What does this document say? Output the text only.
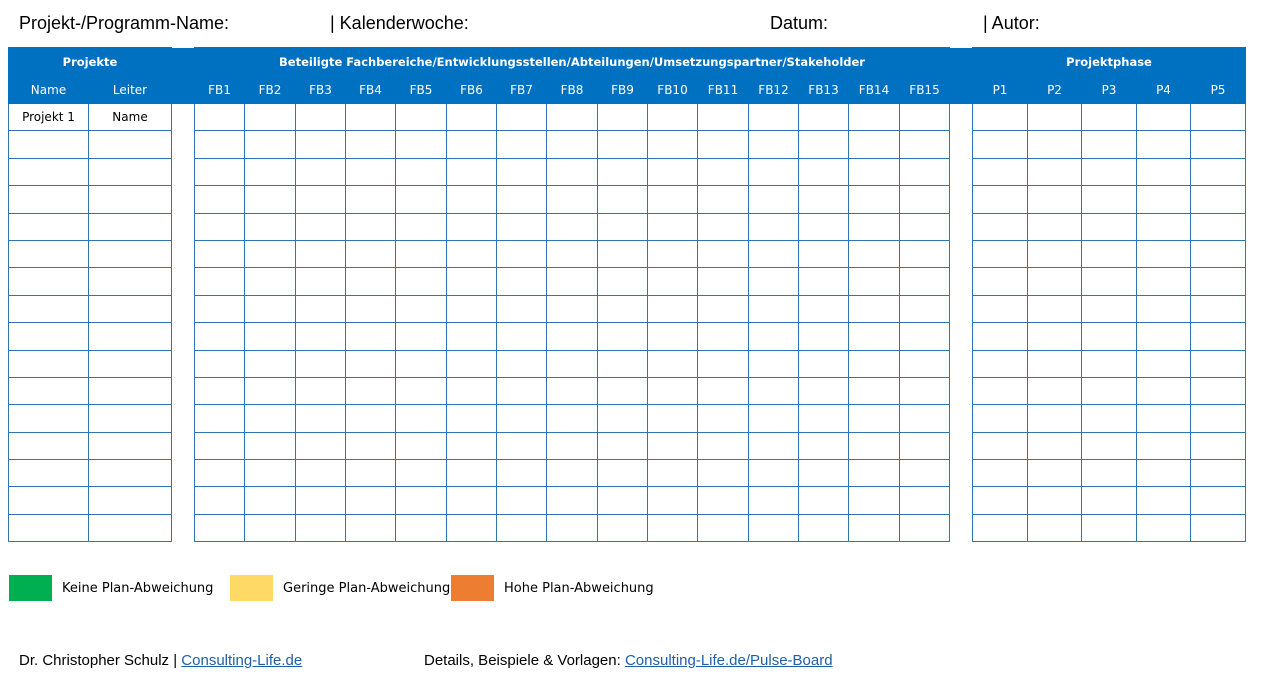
Projekt-/Programm-Name:	| Kalenderwoche:	Datum:	| Autor:
Projekte			Beteiligte Fachbereiche/Entwicklungsstellen/Abteilungen/Umsetzungspartner/Stakeholder																Projektphase				
Name	Leiter		FB1	FB2	FB3	FB4	FB5	FB6	FB7	FB8	FB9	FB10	FB11	FB12	FB13	FB14	FB15		P1	P2	P3	P4	P5
Projekt 1	Name																						

Keine Plan-Abweichung	Geringe Plan-Abweichung	Hohe Plan-Abweichung
Dr. Christopher Schulz | Consulting-Life.de	Details, Beispiele & Vorlagen: Consulting-Life.de/Pulse-Board
